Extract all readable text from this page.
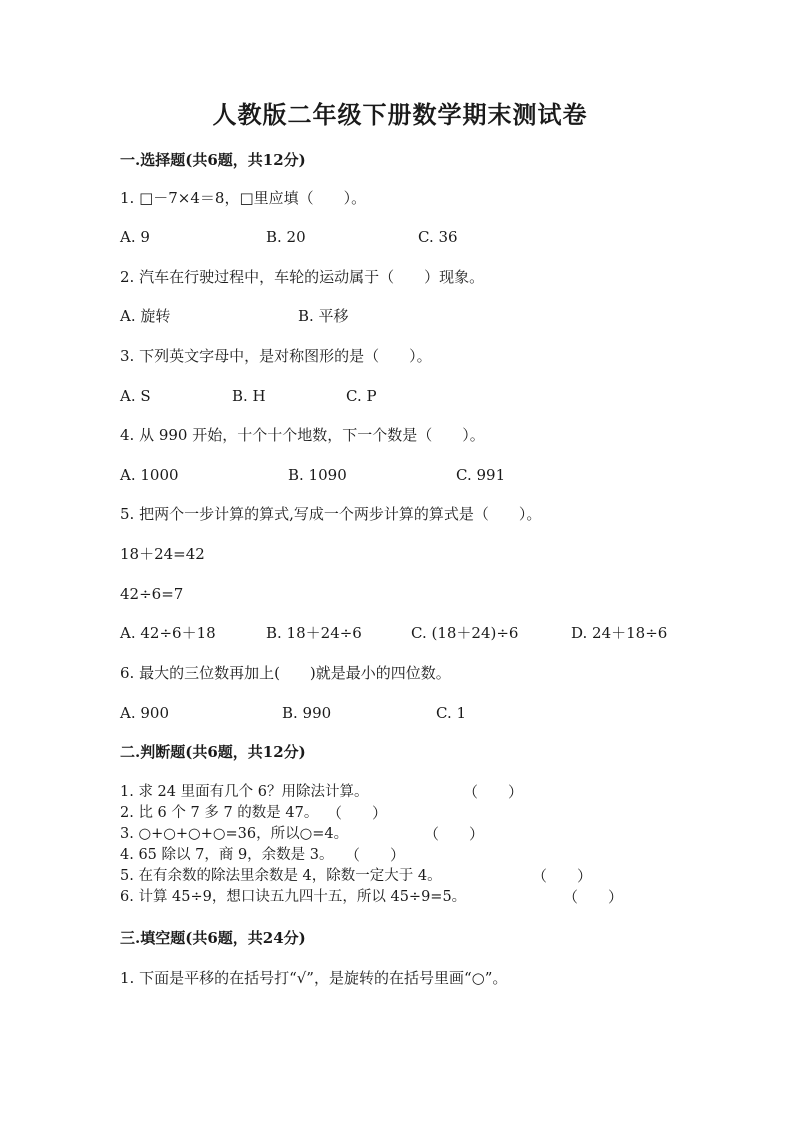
人教版二年级下册数学期末测试卷
一.选择题(共6题，共12分)
1. □－7×4＝8，□里应填（　　）。
A. 9	B. 20	C. 36
2. 汽车在行驶过程中，车轮的运动属于（　　）现象。
A. 旋转	B. 平移
3. 下列英文字母中，是对称图形的是（　　）。
A. S	B. H	C. P
4. 从 990 开始，十个十个地数，下一个数是（　　）。
A. 1000	B. 1090	C. 991
5. 把两个一步计算的算式,写成一个两步计算的算式是（　　）。
18＋24=42
42÷6=7
A. 42÷6＋18	B. 18＋24÷6	C. (18＋24)÷6	D. 24＋18÷6
6. 最大的三位数再加上(　　)就是最小的四位数。
A. 900	B. 990	C. 1
二.判断题(共6题，共12分)
1. 求 24 里面有几个 6？用除法计算。	（　　）
2. 比 6 个 7 多 7 的数是 47。 （　　）
3. ○+○+○+○=36，所以○=4。	（　　）
4. 65 除以 7，商 9，余数是 3。 （　　）
5. 在有余数的除法里余数是 4，除数一定大于 4。	（　　）
6. 计算 45÷9，想口诀五九四十五，所以 45÷9=5。	（　　）
三.填空题(共6题，共24分)
1. 下面是平移的在括号打“√”，是旋转的在括号里画“○”。
